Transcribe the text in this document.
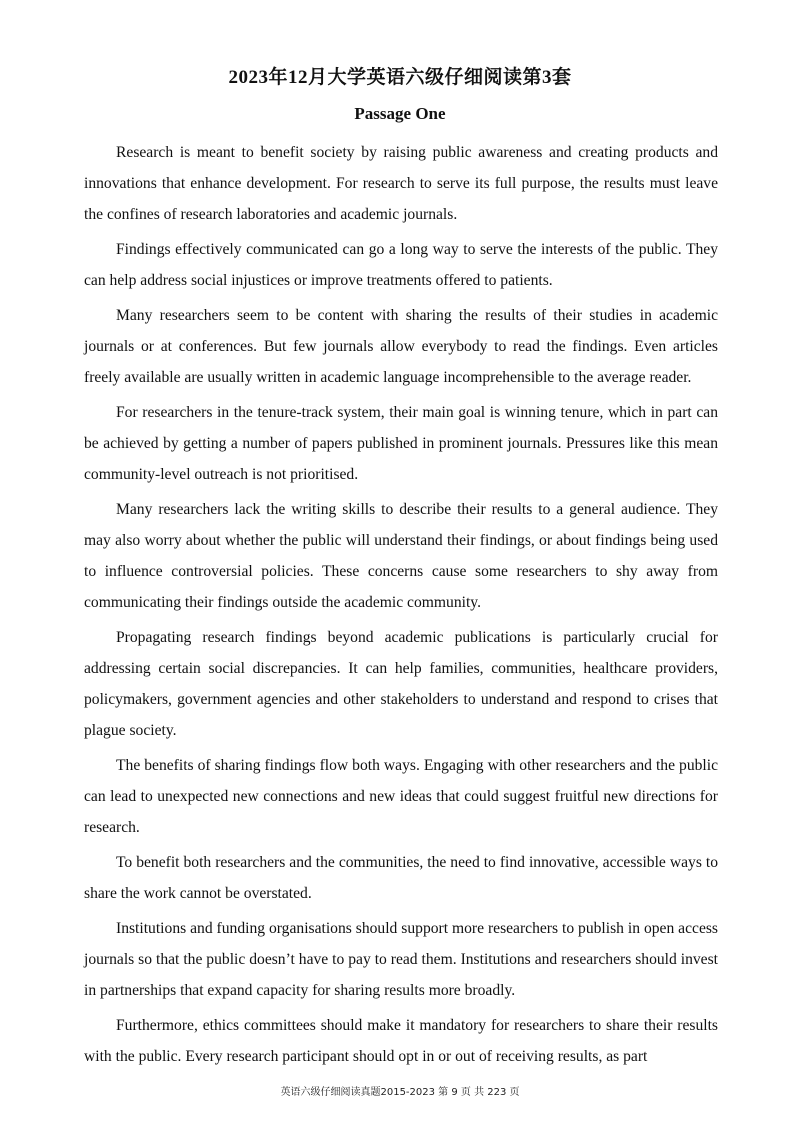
2023年12月大学英语六级仔细阅读第3套
Passage One

Research is meant to benefit society by raising public awareness and creating products and innovations that enhance development. For research to serve its full purpose, the results must leave the confines of research laboratories and academic journals.

Findings effectively communicated can go a long way to serve the interests of the public. They can help address social injustices or improve treatments offered to patients.

Many researchers seem to be content with sharing the results of their studies in academic journals or at conferences. But few journals allow everybody to read the findings. Even articles freely available are usually written in academic language incomprehensible to the average reader.

For researchers in the tenure-track system, their main goal is winning tenure, which in part can be achieved by getting a number of papers published in prominent journals. Pressures like this mean community-level outreach is not prioritised.

Many researchers lack the writing skills to describe their results to a general audience. They may also worry about whether the public will understand their findings, or about findings being used to influence controversial policies. These concerns cause some researchers to shy away from communicating their findings outside the academic community.

Propagating research findings beyond academic publications is particularly crucial for addressing certain social discrepancies. It can help families, communities, healthcare providers, policymakers, government agencies and other stakeholders to understand and respond to crises that plague society.

The benefits of sharing findings flow both ways. Engaging with other researchers and the public can lead to unexpected new connections and new ideas that could suggest fruitful new directions for research.

To benefit both researchers and the communities, the need to find innovative, accessible ways to share the work cannot be overstated.

Institutions and funding organisations should support more researchers to publish in open access journals so that the public doesn’t have to pay to read them. Institutions and researchers should invest in partnerships that expand capacity for sharing results more broadly.

Furthermore, ethics committees should make it mandatory for researchers to share their results with the public. Every research participant should opt in or out of receiving results, as part

英语六级仔细阅读真题2015-2023 第 9 页 共 223 页
